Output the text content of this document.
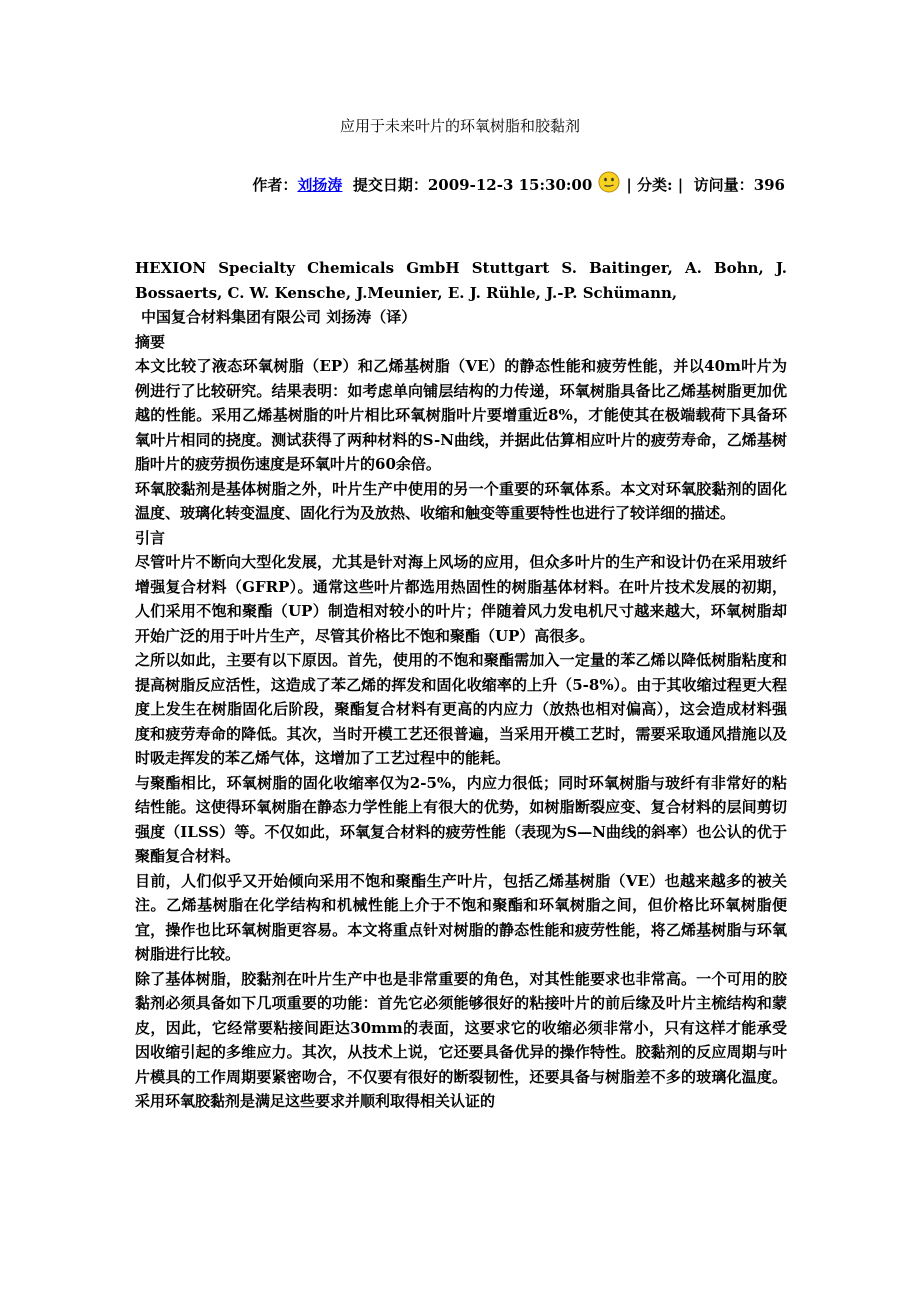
应用于未来叶片的环氧树脂和胶黏剂
作者： 刘扬涛
提交日期： 2009-12-3 15:30:00 | 分类: |
访问量： 396

HEXION Specialty Chemicals GmbH Stuttgart S. Baitinger, A. Bohn, J. Bossaerts, C. W. Kensche, J.Meunier, E. J. Rühle, J.-P. Schümann,

中国复合材料集团有限公司 刘扬涛（译）

摘要

本文比较了液态环氧树脂（EP）和乙烯基树脂（VE）的静态性能和疲劳性能，并以40m叶片为例进行了比较研究。结果表明：如考虑单向铺层结构的力传递，环氧树脂具备比乙烯基树脂更加优越的性能。采用乙烯基树脂的叶片相比环氧树脂叶片要增重近8%，才能使其在极端载荷下具备环氧叶片相同的挠度。测试获得了两种材料的S-N曲线，并据此估算相应叶片的疲劳寿命，乙烯基树脂叶片的疲劳损伤速度是环氧叶片的60余倍。

环氧胶黏剂是基体树脂之外，叶片生产中使用的另一个重要的环氧体系。本文对环氧胶黏剂的固化温度、玻璃化转变温度、固化行为及放热、收缩和触变等重要特性也进行了较详细的描述。

引言

尽管叶片不断向大型化发展，尤其是针对海上风场的应用，但众多叶片的生产和设计仍在采用玻纤增强复合材料（GFRP）。通常这些叶片都选用热固性的树脂基体材料。在叶片技术发展的初期，人们采用不饱和聚酯（UP）制造相对较小的叶片；伴随着风力发电机尺寸越来越大，环氧树脂却开始广泛的用于叶片生产，尽管其价格比不饱和聚酯（UP）高很多。

之所以如此，主要有以下原因。首先，使用的不饱和聚酯需加入一定量的苯乙烯以降低树脂粘度和提高树脂反应活性，这造成了苯乙烯的挥发和固化收缩率的上升（5-8%）。由于其收缩过程更大程度上发生在树脂固化后阶段，聚酯复合材料有更高的内应力（放热也相对偏高），这会造成材料强度和疲劳寿命的降低。其次，当时开模工艺还很普遍，当采用开模工艺时，需要采取通风措施以及时吸走挥发的苯乙烯气体，这增加了工艺过程中的能耗。

与聚酯相比，环氧树脂的固化收缩率仅为2-5%，内应力很低；同时环氧树脂与玻纤有非常好的粘结性能。这使得环氧树脂在静态力学性能上有很大的优势，如树脂断裂应变、复合材料的层间剪切强度（ILSS）等。不仅如此，环氧复合材料的疲劳性能（表现为S—N曲线的斜率）也公认的优于聚酯复合材料。

目前，人们似乎又开始倾向采用不饱和聚酯生产叶片，包括乙烯基树脂（VE）也越来越多的被关注。乙烯基树脂在化学结构和机械性能上介于不饱和聚酯和环氧树脂之间，但价格比环氧树脂便宜，操作也比环氧树脂更容易。本文将重点针对树脂的静态性能和疲劳性能，将乙烯基树脂与环氧树脂进行比较。

除了基体树脂，胶黏剂在叶片生产中也是非常重要的角色，对其性能要求也非常高。一个可用的胶黏剂必须具备如下几项重要的功能：首先它必须能够很好的粘接叶片的前后缘及叶片主梳结构和蒙皮，因此，它经常要粘接间距达30mm的表面，这要求它的收缩必须非常小，只有这样才能承受因收缩引起的多维应力。其次，从技术上说，它还要具备优异的操作特性。胶黏剂的反应周期与叶片模具的工作周期要紧密吻合，不仅要有很好的断裂韧性，还要具备与树脂差不多的玻璃化温度。采用环氧胶黏剂是满足这些要求并顺利取得相关认证的
